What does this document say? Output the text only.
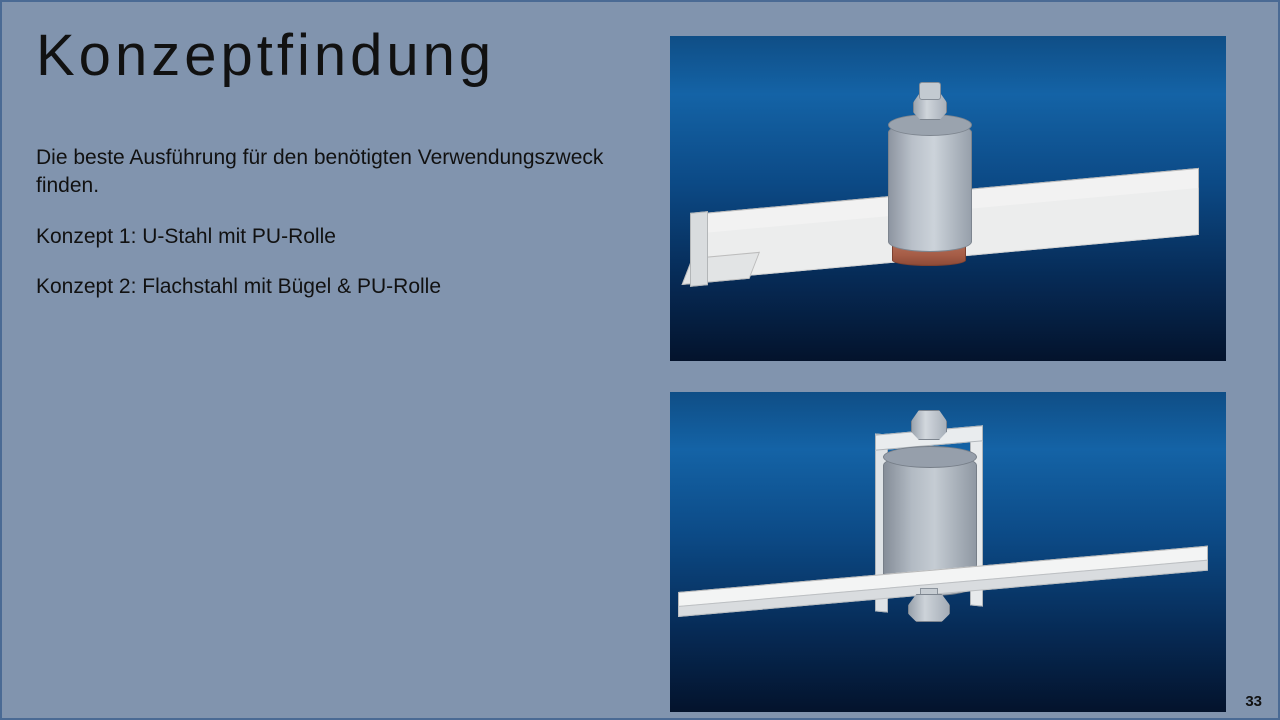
Konzeptfindung

Die beste Ausführung für den benötigten Verwendungszweck finden.

Konzept 1: U-Stahl mit PU-Rolle

Konzept 2: Flachstahl mit Bügel & PU-Rolle

33
